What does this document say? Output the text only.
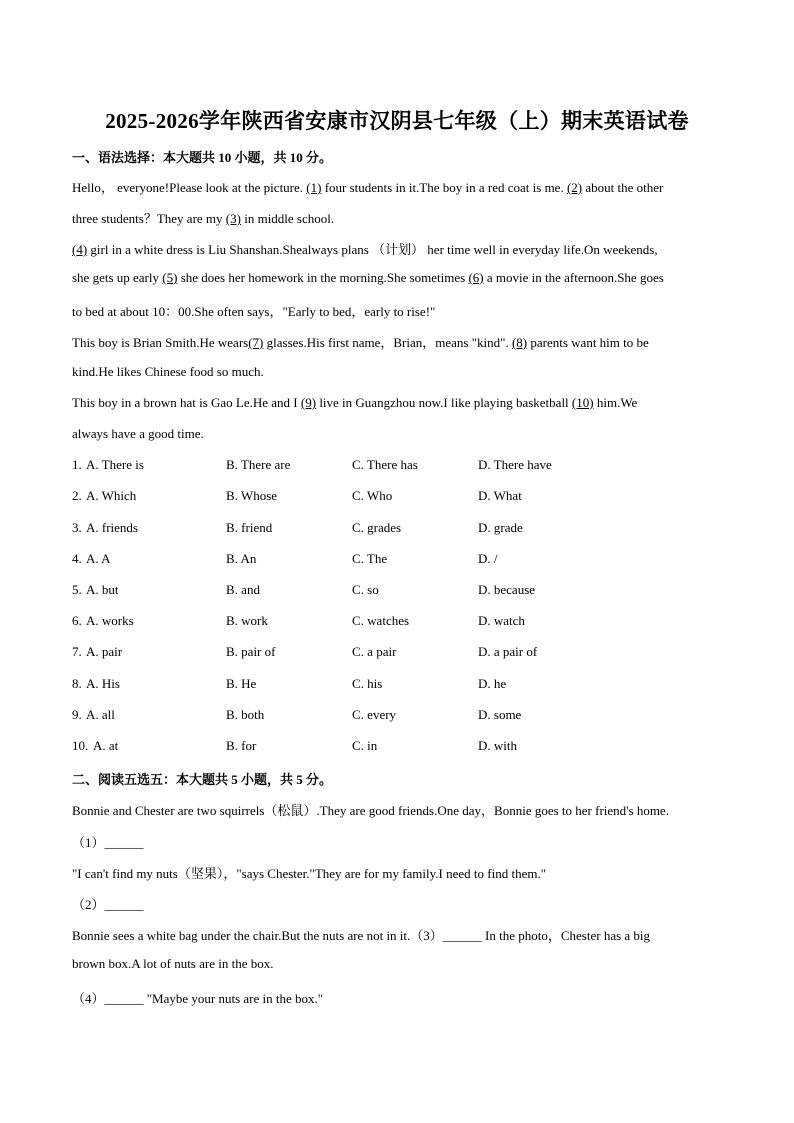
2025-2026学年陕西省安康市汉阴县七年级（上）期末英语试卷
一、语法选择：本大题共 10 小题，共 10 分。
Hello， everyone!Please look at the picture. (1) four students in it.The boy in a red coat is me. (2) about the other
three students？They are my (3) in middle school.
(4) girl in a white dress is Liu Shanshan.Shealways plans （计划） her time well in everyday life.On weekends,
she gets up early (5) she does her homework in the morning.She sometimes (6) a movie in the afternoon.She goes
to bed at about 10：00.She often says，"Early to bed，early to rise!"
This boy is Brian Smith.He wears(7) glasses.His first name，Brian，means "kind". (8) parents want him to be
kind.He likes Chinese food so much.
This boy in a brown hat is Gao Le.He and I (9) live in Guangzhou now.I like playing basketball (10) him.We
always have a good time.
1. A. There is	B. There are	C. There has	D. There have
2. A. Which	B. Whose	C. Who	D. What
3. A. friends	B. friend	C. grades	D. grade
4. A. A	B. An	C. The	D. /
5. A. but	B. and	C. so	D. because
6. A. works	B. work	C. watches	D. watch
7. A. pair	B. pair of	C. a pair	D. a pair of
8. A. His	B. He	C. his	D. he
9. A. all	B. both	C. every	D. some
10. A. at	B. for	C. in	D. with
二、阅读五选五：本大题共 5 小题，共 5 分。
Bonnie and Chester are two squirrels（松鼠）.They are good friends.One day，Bonnie goes to her friend's home.
（1）______
"I can't find my nuts（坚果），"says Chester."They are for my family.I need to find them."
（2）______
Bonnie sees a white bag under the chair.But the nuts are not in it.（3）______ In the photo，Chester has a big
brown box.A lot of nuts are in the box.
（4）______ "Maybe your nuts are in the box."
